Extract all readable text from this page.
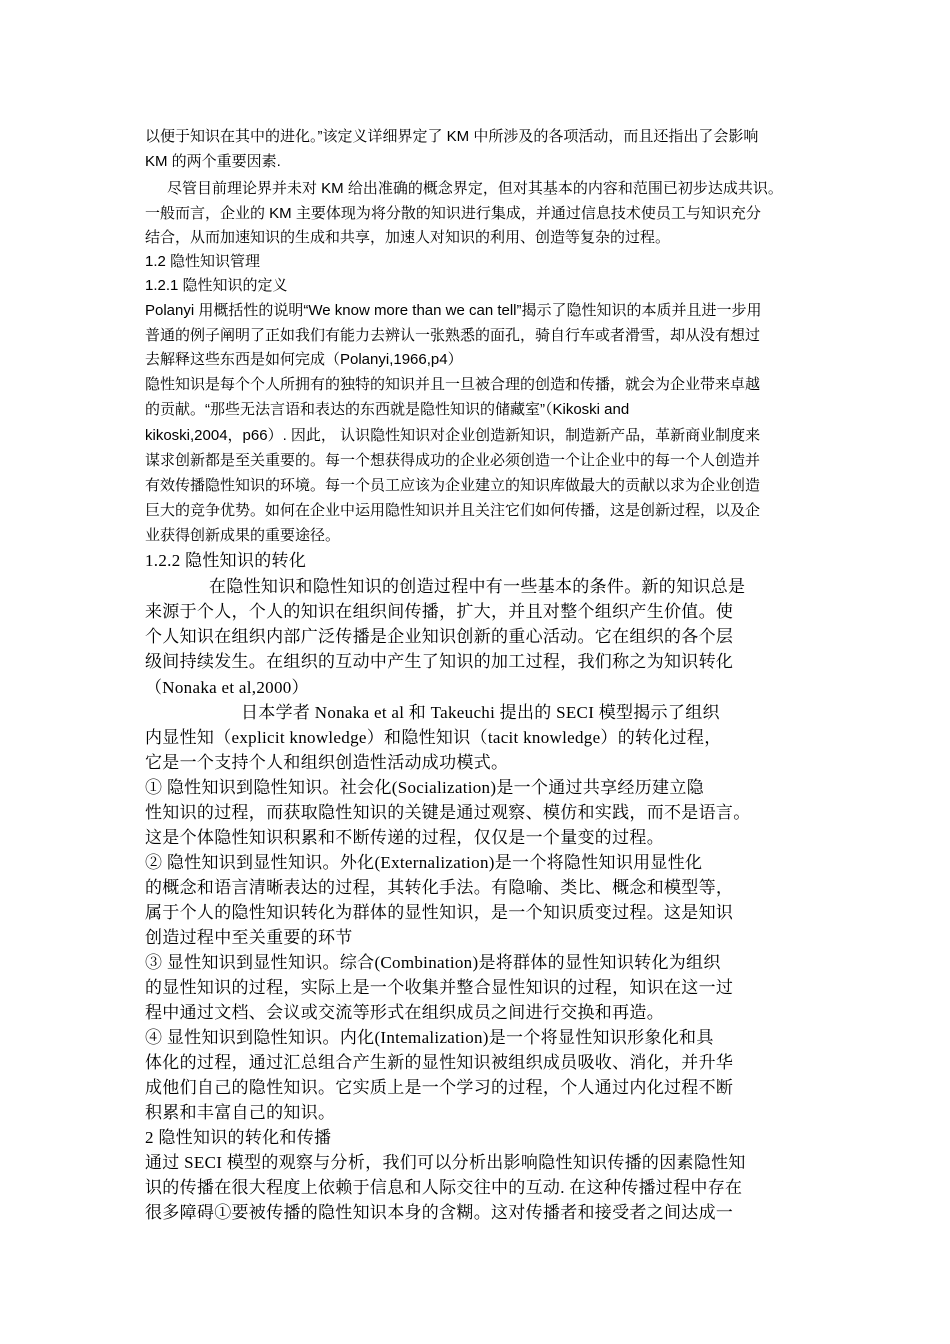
以便于知识在其中的进化。”该定义详细界定了 KM 中所涉及的各项活动，而且还指出了会影响
KM 的两个重要因素.
尽管目前理论界并未对 KM 给出准确的概念界定，但对其基本的内容和范围已初步达成共识。
一般而言，企业的 KM 主要体现为将分散的知识进行集成，并通过信息技术使员工与知识充分
结合，从而加速知识的生成和共享，加速人对知识的利用、创造等复杂的过程。
1.2 隐性知识管理
1.2.1 隐性知识的定义
Polanyi 用概括性的说明“We know more than we can tell”揭示了隐性知识的本质并且进一步用
普通的例子阐明了正如我们有能力去辨认一张熟悉的面孔，骑自行车或者滑雪，却从没有想过
去解释这些东西是如何完成（Polanyi,1966,p4）
隐性知识是每个个人所拥有的独特的知识并且一旦被合理的创造和传播，就会为企业带来卓越
的贡献。“那些无法言语和表达的东西就是隐性知识的储藏室”（Kikoski and
kikoski,2004，p66）. 因此， 认识隐性知识对企业创造新知识，制造新产品，革新商业制度来
谋求创新都是至关重要的。每一个想获得成功的企业必须创造一个让企业中的每一个人创造并
有效传播隐性知识的环境。每一个员工应该为企业建立的知识库做最大的贡献以求为企业创造
巨大的竞争优势。如何在企业中运用隐性知识并且关注它们如何传播，这是创新过程，以及企
业获得创新成果的重要途径。
1.2.2 隐性知识的转化
在隐性知识和隐性知识的创造过程中有一些基本的条件。新的知识总是
来源于个人，个人的知识在组织间传播，扩大，并且对整个组织产生价值。使
个人知识在组织内部广泛传播是企业知识创新的重心活动。它在组织的各个层
级间持续发生。在组织的互动中产生了知识的加工过程，我们称之为知识转化
（Nonaka et al,2000）
日本学者 Nonaka et al 和 Takeuchi 提出的 SECI 模型揭示了组织
内显性知（explicit knowledge）和隐性知识（tacit knowledge）的转化过程，
它是一个支持个人和组织创造性活动成功模式。
① 隐性知识到隐性知识。社会化(Socialization)是一个通过共享经历建立隐
性知识的过程，而获取隐性知识的关键是通过观察、模仿和实践，而不是语言。
这是个体隐性知识积累和不断传递的过程，仅仅是一个量变的过程。
② 隐性知识到显性知识。外化(Externalization)是一个将隐性知识用显性化
的概念和语言清晰表达的过程，其转化手法。有隐喻、类比、概念和模型等，
属于个人的隐性知识转化为群体的显性知识，是一个知识质变过程。这是知识
创造过程中至关重要的环节
③ 显性知识到显性知识。综合(Combination)是将群体的显性知识转化为组织
的显性知识的过程，实际上是一个收集并整合显性知识的过程，知识在这一过
程中通过文档、会议或交流等形式在组织成员之间进行交换和再造。
④ 显性知识到隐性知识。内化(Intemalization)是一个将显性知识形象化和具
体化的过程，通过汇总组合产生新的显性知识被组织成员吸收、消化，并升华
成他们自己的隐性知识。它实质上是一个学习的过程，个人通过内化过程不断
积累和丰富自己的知识。
2 隐性知识的转化和传播
通过 SECI 模型的观察与分析，我们可以分析出影响隐性知识传播的因素隐性知
识的传播在很大程度上依赖于信息和人际交往中的互动. 在这种传播过程中存在
很多障碍①要被传播的隐性知识本身的含糊。这对传播者和接受者之间达成一
